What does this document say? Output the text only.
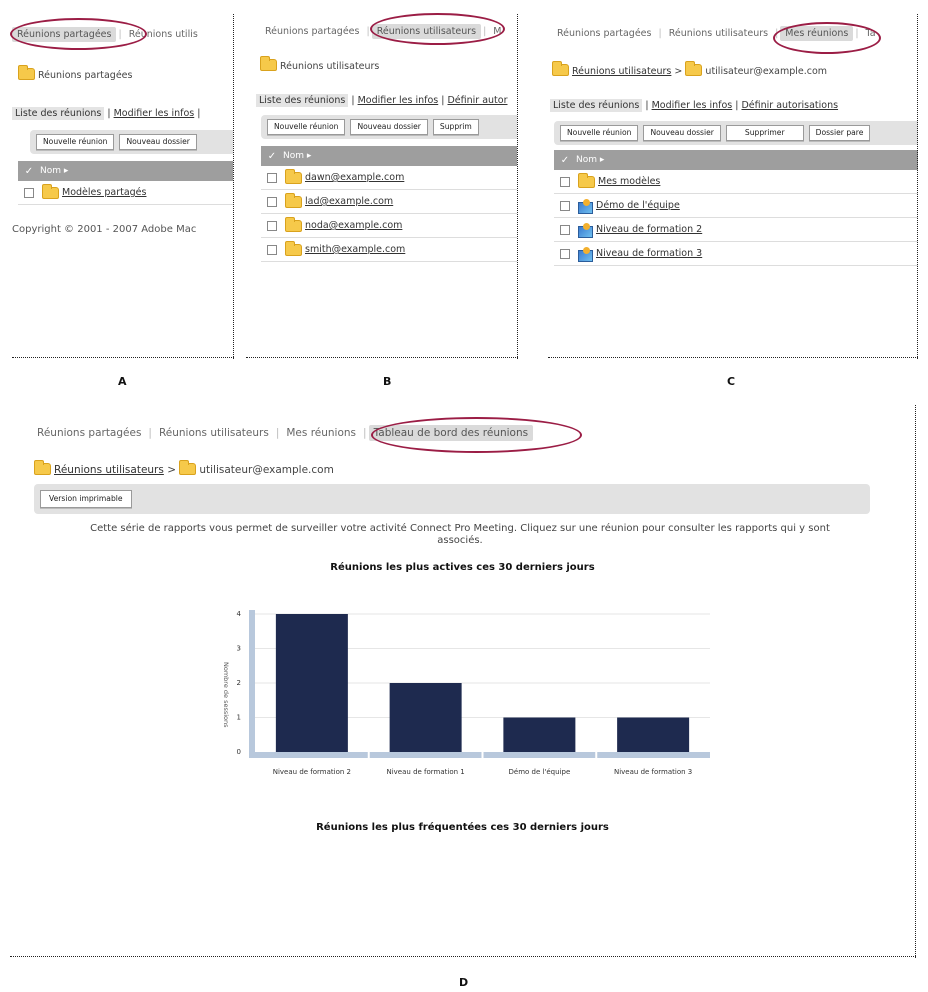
Réunions partagées | Réunions utilis
Réunions partagées
Liste des réunions | Modifier les infos |
Nouvelle réunion	Nouveau dossier
✓ Nom ▸
Modèles partagés
Copyright © 2001 - 2007 Adobe Mac
A
Réunions partagées | Réunions utilisateurs | M
Réunions utilisateurs
Liste des réunions | Modifier les infos | Définir autor
Nouvelle réunion	Nouveau dossier	Supprim
✓ Nom ▸
dawn@example.com
lad@example.com
noda@example.com
smith@example.com
B
Réunions partagées | Réunions utilisateurs | Mes réunions | Ta
Réunions utilisateurs > utilisateur@example.com
Liste des réunions | Modifier les infos | Définir autorisations
Nouvelle réunion	Nouveau dossier	Supprimer	Dossier pare
✓ Nom ▸
Mes modèles
Démo de l'équipe
Niveau de formation 2
Niveau de formation 3
C
Réunions partagées | Réunions utilisateurs | Mes réunions | Tableau de bord des réunions
Réunions utilisateurs > utilisateur@example.com
Version imprimable
Cette série de rapports vous permet de surveiller votre activité Connect Pro Meeting. Cliquez sur une réunion pour consulter les rapports qui y sont
associés.
Réunions les plus actives ces 30 derniers jours
Nombre de sessions
0
1
2
3
4
Niveau de formation 2	Niveau de formation 1	Démo de l'équipe	Niveau de formation 3
Réunions les plus fréquentées ces 30 derniers jours
D
